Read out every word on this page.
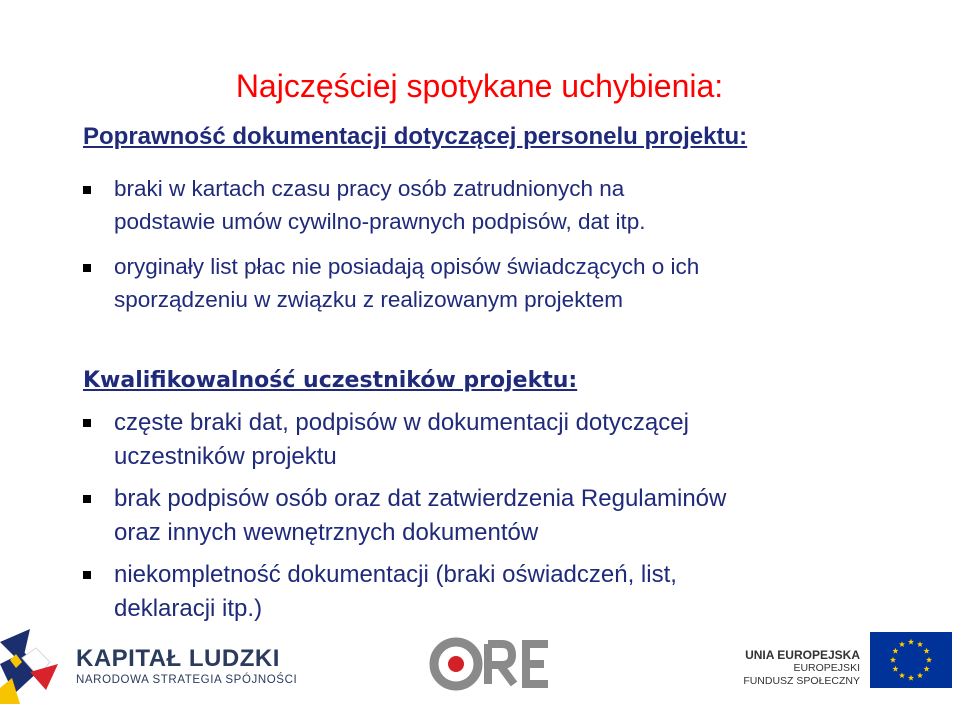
Najczęściej spotykane uchybienia:
Poprawność dokumentacji dotyczącej personelu projektu:
braki w kartach czasu pracy osób zatrudnionych na
podstawie umów cywilno-prawnych podpisów, dat itp.
oryginały list płac nie posiadają opisów świadczących o ich
sporządzeniu w związku z realizowanym projektem
Kwalifikowalność uczestników projektu:
częste braki dat, podpisów w dokumentacji dotyczącej
uczestników projektu
brak podpisów osób oraz dat zatwierdzenia Regulaminów
oraz innych wewnętrznych dokumentów
niekompletność dokumentacji (braki oświadczeń, list,
deklaracji itp.)
KAPITAŁ LUDZKI
NARODOWA STRATEGIA SPÓJNOŚCI
ORE
UNIA EUROPEJSKA
EUROPEJSKI
FUNDUSZ SPOŁECZNY
